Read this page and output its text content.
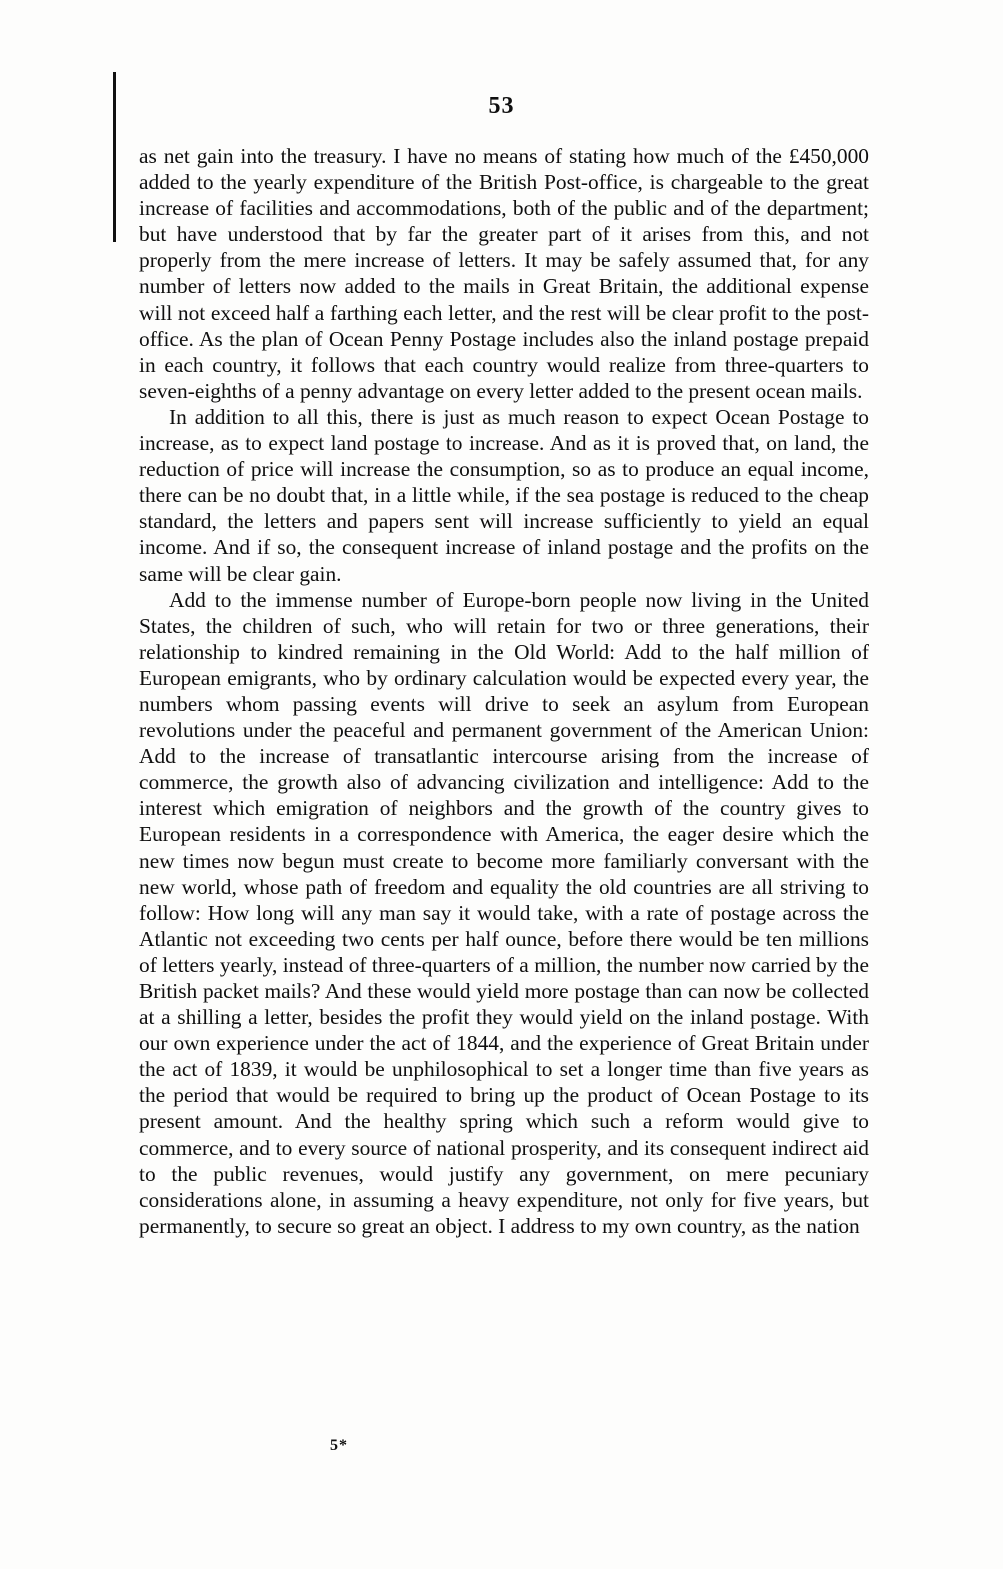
53

as net gain into the treasury. I have no means of stating how much of the £450,000 added to the yearly expenditure of the British Post-office, is chargeable to the great increase of facilities and accommodations, both of the public and of the department; but have understood that by far the greater part of it arises from this, and not properly from the mere increase of letters. It may be safely assumed that, for any number of letters now added to the mails in Great Britain, the additional expense will not exceed half a farthing each letter, and the rest will be clear profit to the post-office. As the plan of Ocean Penny Postage includes also the inland postage prepaid in each country, it follows that each country would realize from three-quarters to seven-eighths of a penny advantage on every letter added to the present ocean mails.

In addition to all this, there is just as much reason to expect Ocean Postage to increase, as to expect land postage to increase. And as it is proved that, on land, the reduction of price will increase the consumption, so as to produce an equal income, there can be no doubt that, in a little while, if the sea postage is reduced to the cheap standard, the letters and papers sent will increase sufficiently to yield an equal income. And if so, the consequent increase of inland postage and the profits on the same will be clear gain.

Add to the immense number of Europe-born people now living in the United States, the children of such, who will retain for two or three generations, their relationship to kindred remaining in the Old World: Add to the half million of European emigrants, who by ordinary calculation would be expected every year, the numbers whom passing events will drive to seek an asylum from European revolutions under the peaceful and permanent government of the American Union: Add to the increase of transatlantic intercourse arising from the increase of commerce, the growth also of advancing civilization and intelligence: Add to the interest which emigration of neighbors and the growth of the country gives to European residents in a correspondence with America, the eager desire which the new times now begun must create to become more familiarly conversant with the new world, whose path of freedom and equality the old countries are all striving to follow: How long will any man say it would take, with a rate of postage across the Atlantic not exceeding two cents per half ounce, before there would be ten millions of letters yearly, instead of three-quarters of a million, the number now carried by the British packet mails? And these would yield more postage than can now be collected at a shilling a letter, besides the profit they would yield on the inland postage. With our own experience under the act of 1844, and the experience of Great Britain under the act of 1839, it would be unphilosophical to set a longer time than five years as the period that would be required to bring up the product of Ocean Postage to its present amount. And the healthy spring which such a reform would give to commerce, and to every source of national prosperity, and its consequent indirect aid to the public revenues, would justify any government, on mere pecuniary considerations alone, in assuming a heavy expenditure, not only for five years, but permanently, to secure so great an object. I address to my own country, as the nation

5*
